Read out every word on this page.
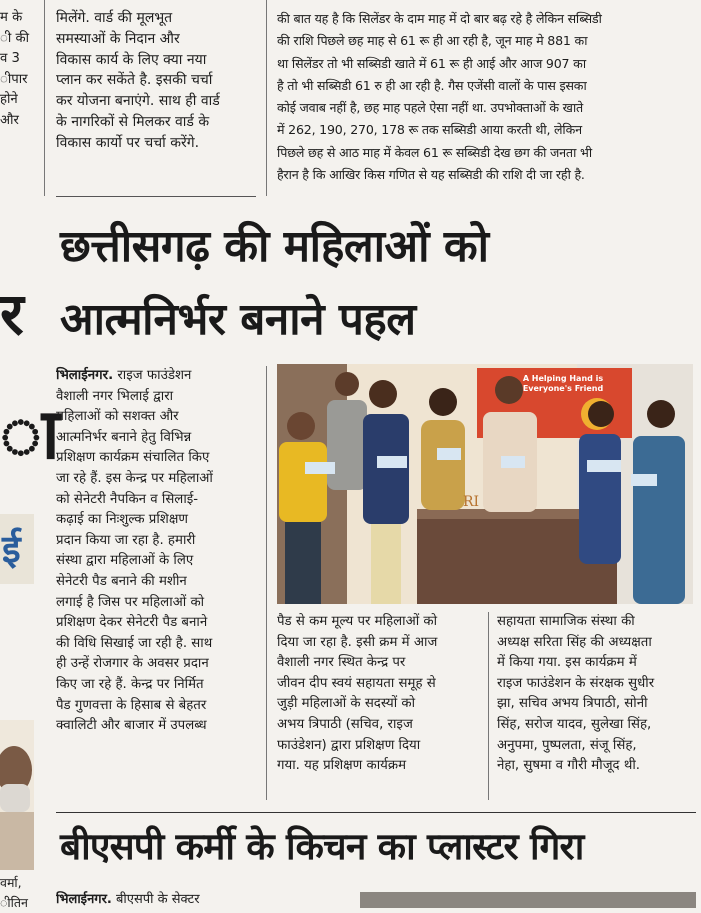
म के
ी की
व 3
ीपार
होने
और
मिलेंगे. वार्ड की मूलभूत
समस्याओं के निदान और
विकास कार्य के लिए क्या नया
प्लान कर सकेंते है. इसकी चर्चा
कर योजना बनाएंगे. साथ ही वार्ड
के नागरिकों से मिलकर वार्ड के
विकास कार्यो पर चर्चा करेंगे.
की बात यह है कि सिलेंडर के दाम माह में दो बार बढ़ रहे है लेकिन सब्सिडी
की राशि पिछले छह माह से 61 रू ही आ रही है, जून माह मे 881 का
था सिलेंडर तो भी सब्सिडी खाते में 61 रू ही आई और आज 907 का
है तो भी सब्सिडी 61 रु ही आ रही है. गैस एजेंसी वालों के पास इसका
कोई जवाब नहीं है, छह माह पहले ऐसा नहीं था. उपभोक्ताओं के खाते
में 262, 190, 270, 178 रू तक सब्सिडी आया करती थी, लेकिन
पिछले छह से आठ माह में केवल 61 रू सब्सिडी देख छग की जनता भी
हैरान है कि आखिर किस गणित से यह सब्सिडी की राशि दी जा रही है.
र
ा
ई
वर्मा,
ीतिन
छत्तीसगढ़ की महिलाओं को
आत्मनिर्भर बनाने पहल
भिलाईनगर. राइज फाउंडेशन
वैशाली नगर भिलाई द्वारा
महिलाओं को सशक्त और
आत्मनिर्भर बनाने हेतु विभिन्न
प्रशिक्षण कार्यक्रम संचालित किए
जा रहे हैं. इस केन्द्र पर महिलाओं
को सेनेटरी नैपकिन व सिलाई-
कढ़ाई का निःशुल्क प्रशिक्षण
प्रदान किया जा रहा है. हमारी
संस्था द्वारा महिलाओं के लिए
सेनेटरी पैड बनाने की मशीन
लगाई है जिस पर महिलाओं को
प्रशिक्षण देकर सेनेटरी पैड बनाने
की विधि सिखाई जा रही है. साथ
ही उन्हें रोजगार के अवसर प्रदान
किए जा रहे हैं. केन्द्र पर निर्मित
पैड गुणवत्ता के हिसाब से बेहतर
क्वालिटी और बाजार में उपलब्ध
A Helping Hand is
Everyone's Friend
RI
पैड से कम मूल्य पर महिलाओं को
दिया जा रहा है. इसी क्रम में आज
वैशाली नगर स्थित केन्द्र पर
जीवन दीप स्वयं सहायता समूह से
जुड़ी महिलाओं के सदस्यों को
अभय त्रिपाठी (सचिव, राइज
फाउंडेशन) द्वारा प्रशिक्षण दिया
गया. यह प्रशिक्षण कार्यक्रम
सहायता सामाजिक संस्था की
अध्यक्ष सरिता सिंह की अध्यक्षता
में किया गया. इस कार्यक्रम में
राइज फाउंडेशन के संरक्षक सुधीर
झा, सचिव अभय त्रिपाठी, सोनी
सिंह, सरोज यादव, सुलेखा सिंह,
अनुपमा, पुष्पलता, संजू सिंह,
नेहा, सुषमा व गौरी मौजूद थी.
बीएसपी कर्मी के किचन का प्लास्टर गिरा
भिलाईनगर. बीएसपी के सेक्टर
